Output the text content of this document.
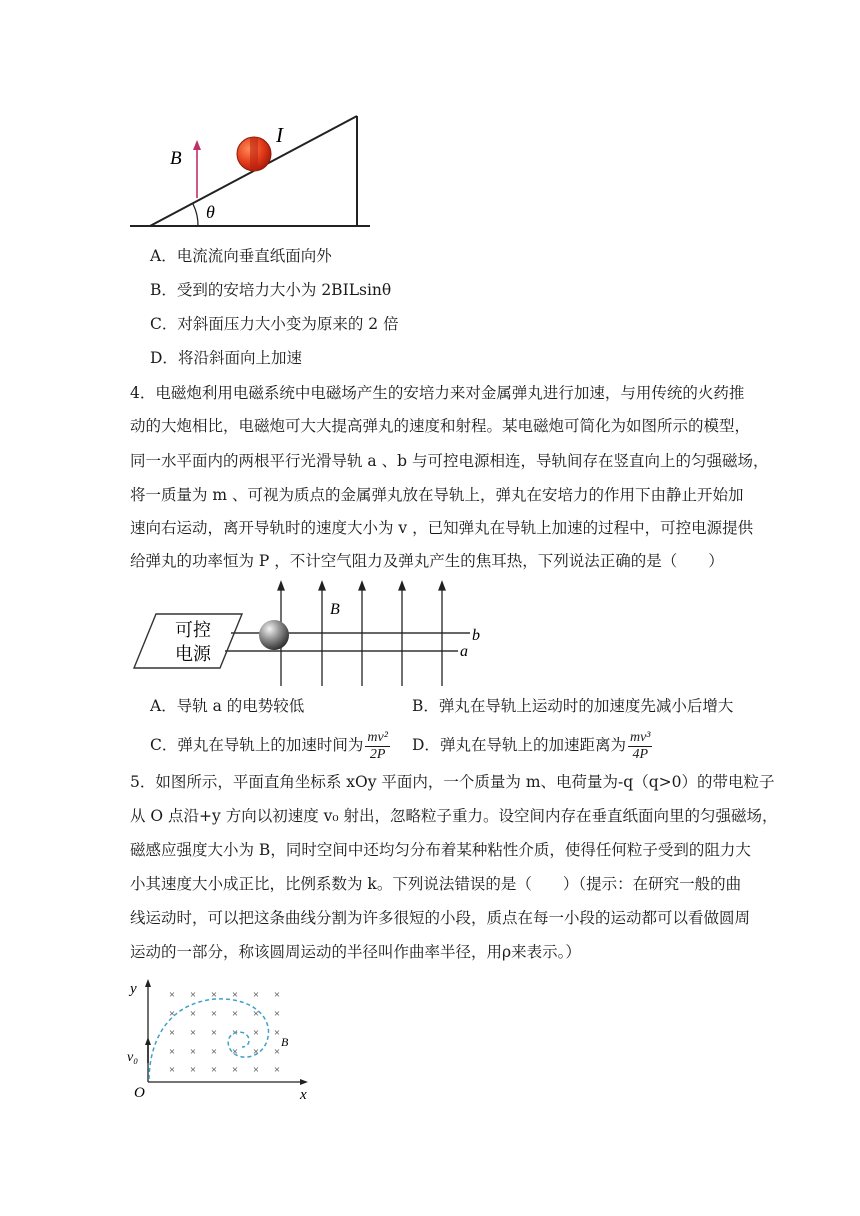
B
I
θ
A．电流流向垂直纸面向外
B．受到的安培力大小为 2BILsinθ
C．对斜面压力大小变为原来的 2 倍
D．将沿斜面向上加速
4．电磁炮利用电磁系统中电磁场产生的安培力来对金属弹丸进行加速，与用传统的火药推
动的大炮相比，电磁炮可大大提高弹丸的速度和射程。某电磁炮可简化为如图所示的模型，
同一水平面内的两根平行光滑导轨 a 、b 与可控电源相连，导轨间存在竖直向上的匀强磁场，
将一质量为 m 、可视为质点的金属弹丸放在导轨上，弹丸在安培力的作用下由静止开始加
速向右运动，离开导轨时的速度大小为 v ，已知弹丸在导轨上加速的过程中，可控电源提供
给弹丸的功率恒为 P ，不计空气阻力及弹丸产生的焦耳热，下列说法正确的是（　　）
可控
电源
B
b
a
A．导轨 a 的电势较低	B．弹丸在导轨上运动时的加速度先减小后增大
C．弹丸在导轨上的加速时间为 $\frac{\text{mv²}}{2P}$ D．弹丸在导轨上的加速距离为 $\frac{\text{mv³}}{4P}$
5．如图所示，平面直角坐标系 xOy 平面内，一个质量为 m、电荷量为-q（q>0）的带电粒子
从 O 点沿+y 方向以初速度 v₀ 射出，忽略粒子重力。设空间内存在垂直纸面向里的匀强磁场，
磁感应强度大小为 B，同时空间中还均匀分布着某种粘性介质，使得任何粒子受到的阻力大
小其速度大小成正比，比例系数为 k。下列说法错误的是（　　）（提示：在研究一般的曲
线运动时，可以把这条曲线分割为许多很短的小段，质点在每一小段的运动都可以看做圆周
运动的一部分，称该圆周运动的半径叫作曲率半径，用ρ来表示。）
× × × × × ×
× × × × × ×
× × × × × ×
× × × × × ×
× × × × × ×
y
x
O
v₀
B
